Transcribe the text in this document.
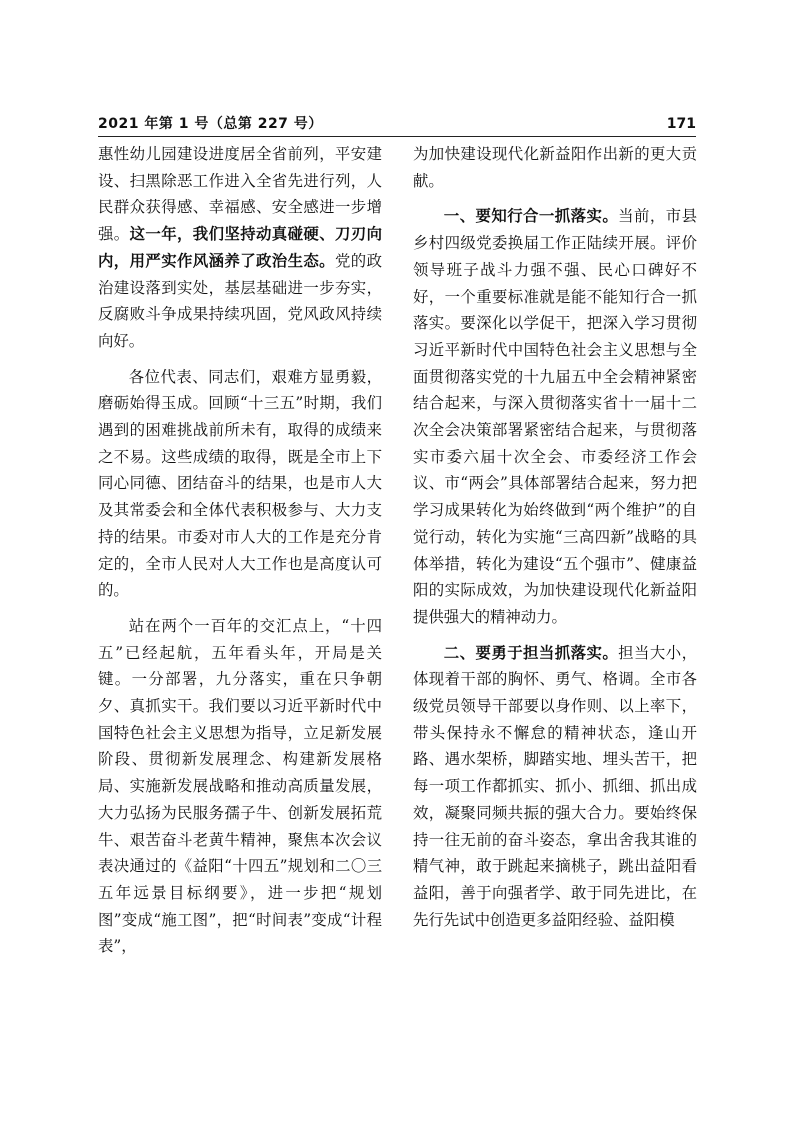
2021 年第 1 号（总第 227 号）	171

惠性幼儿园建设进度居全省前列，平安建设、扫黑除恶工作进入全省先进行列，人民群众获得感、幸福感、安全感进一步增强。这一年，我们坚持动真碰硬、刀刃向内，用严实作风涵养了政治生态。党的政治建设落到实处，基层基础进一步夯实，反腐败斗争成果持续巩固，党风政风持续向好。

各位代表、同志们，艰难方显勇毅，磨砺始得玉成。回顾“十三五”时期，我们遇到的困难挑战前所未有，取得的成绩来之不易。这些成绩的取得，既是全市上下同心同德、团结奋斗的结果，也是市人大及其常委会和全体代表积极参与、大力支持的结果。市委对市人大的工作是充分肯定的，全市人民对人大工作也是高度认可的。

站在两个一百年的交汇点上，“十四五”已经起航，五年看头年，开局是关键。一分部署，九分落实，重在只争朝夕、真抓实干。我们要以习近平新时代中国特色社会主义思想为指导，立足新发展阶段、贯彻新发展理念、构建新发展格局、实施新发展战略和推动高质量发展，大力弘扬为民服务孺子牛、创新发展拓荒牛、艰苦奋斗老黄牛精神，聚焦本次会议表决通过的《益阳“十四五”规划和二〇三五年远景目标纲要》，进一步把“规划图”变成“施工图”，把“时间表”变成“计程表”，

为加快建设现代化新益阳作出新的更大贡献。

一、要知行合一抓落实。当前，市县乡村四级党委换届工作正陆续开展。评价领导班子战斗力强不强、民心口碑好不好，一个重要标准就是能不能知行合一抓落实。要深化以学促干，把深入学习贯彻习近平新时代中国特色社会主义思想与全面贯彻落实党的十九届五中全会精神紧密结合起来，与深入贯彻落实省十一届十二次全会决策部署紧密结合起来，与贯彻落实市委六届十次全会、市委经济工作会议、市“两会”具体部署结合起来，努力把学习成果转化为始终做到“两个维护”的自觉行动，转化为实施“三高四新”战略的具体举措，转化为建设“五个强市”、健康益阳的实际成效，为加快建设现代化新益阳提供强大的精神动力。

二、要勇于担当抓落实。担当大小，体现着干部的胸怀、勇气、格调。全市各级党员领导干部要以身作则、以上率下，带头保持永不懈怠的精神状态，逢山开路、遇水架桥，脚踏实地、埋头苦干，把每一项工作都抓实、抓小、抓细、抓出成效，凝聚同频共振的强大合力。要始终保持一往无前的奋斗姿态，拿出舍我其谁的精气神，敢于跳起来摘桃子，跳出益阳看益阳，善于向强者学、敢于同先进比，在先行先试中创造更多益阳经验、益阳模
